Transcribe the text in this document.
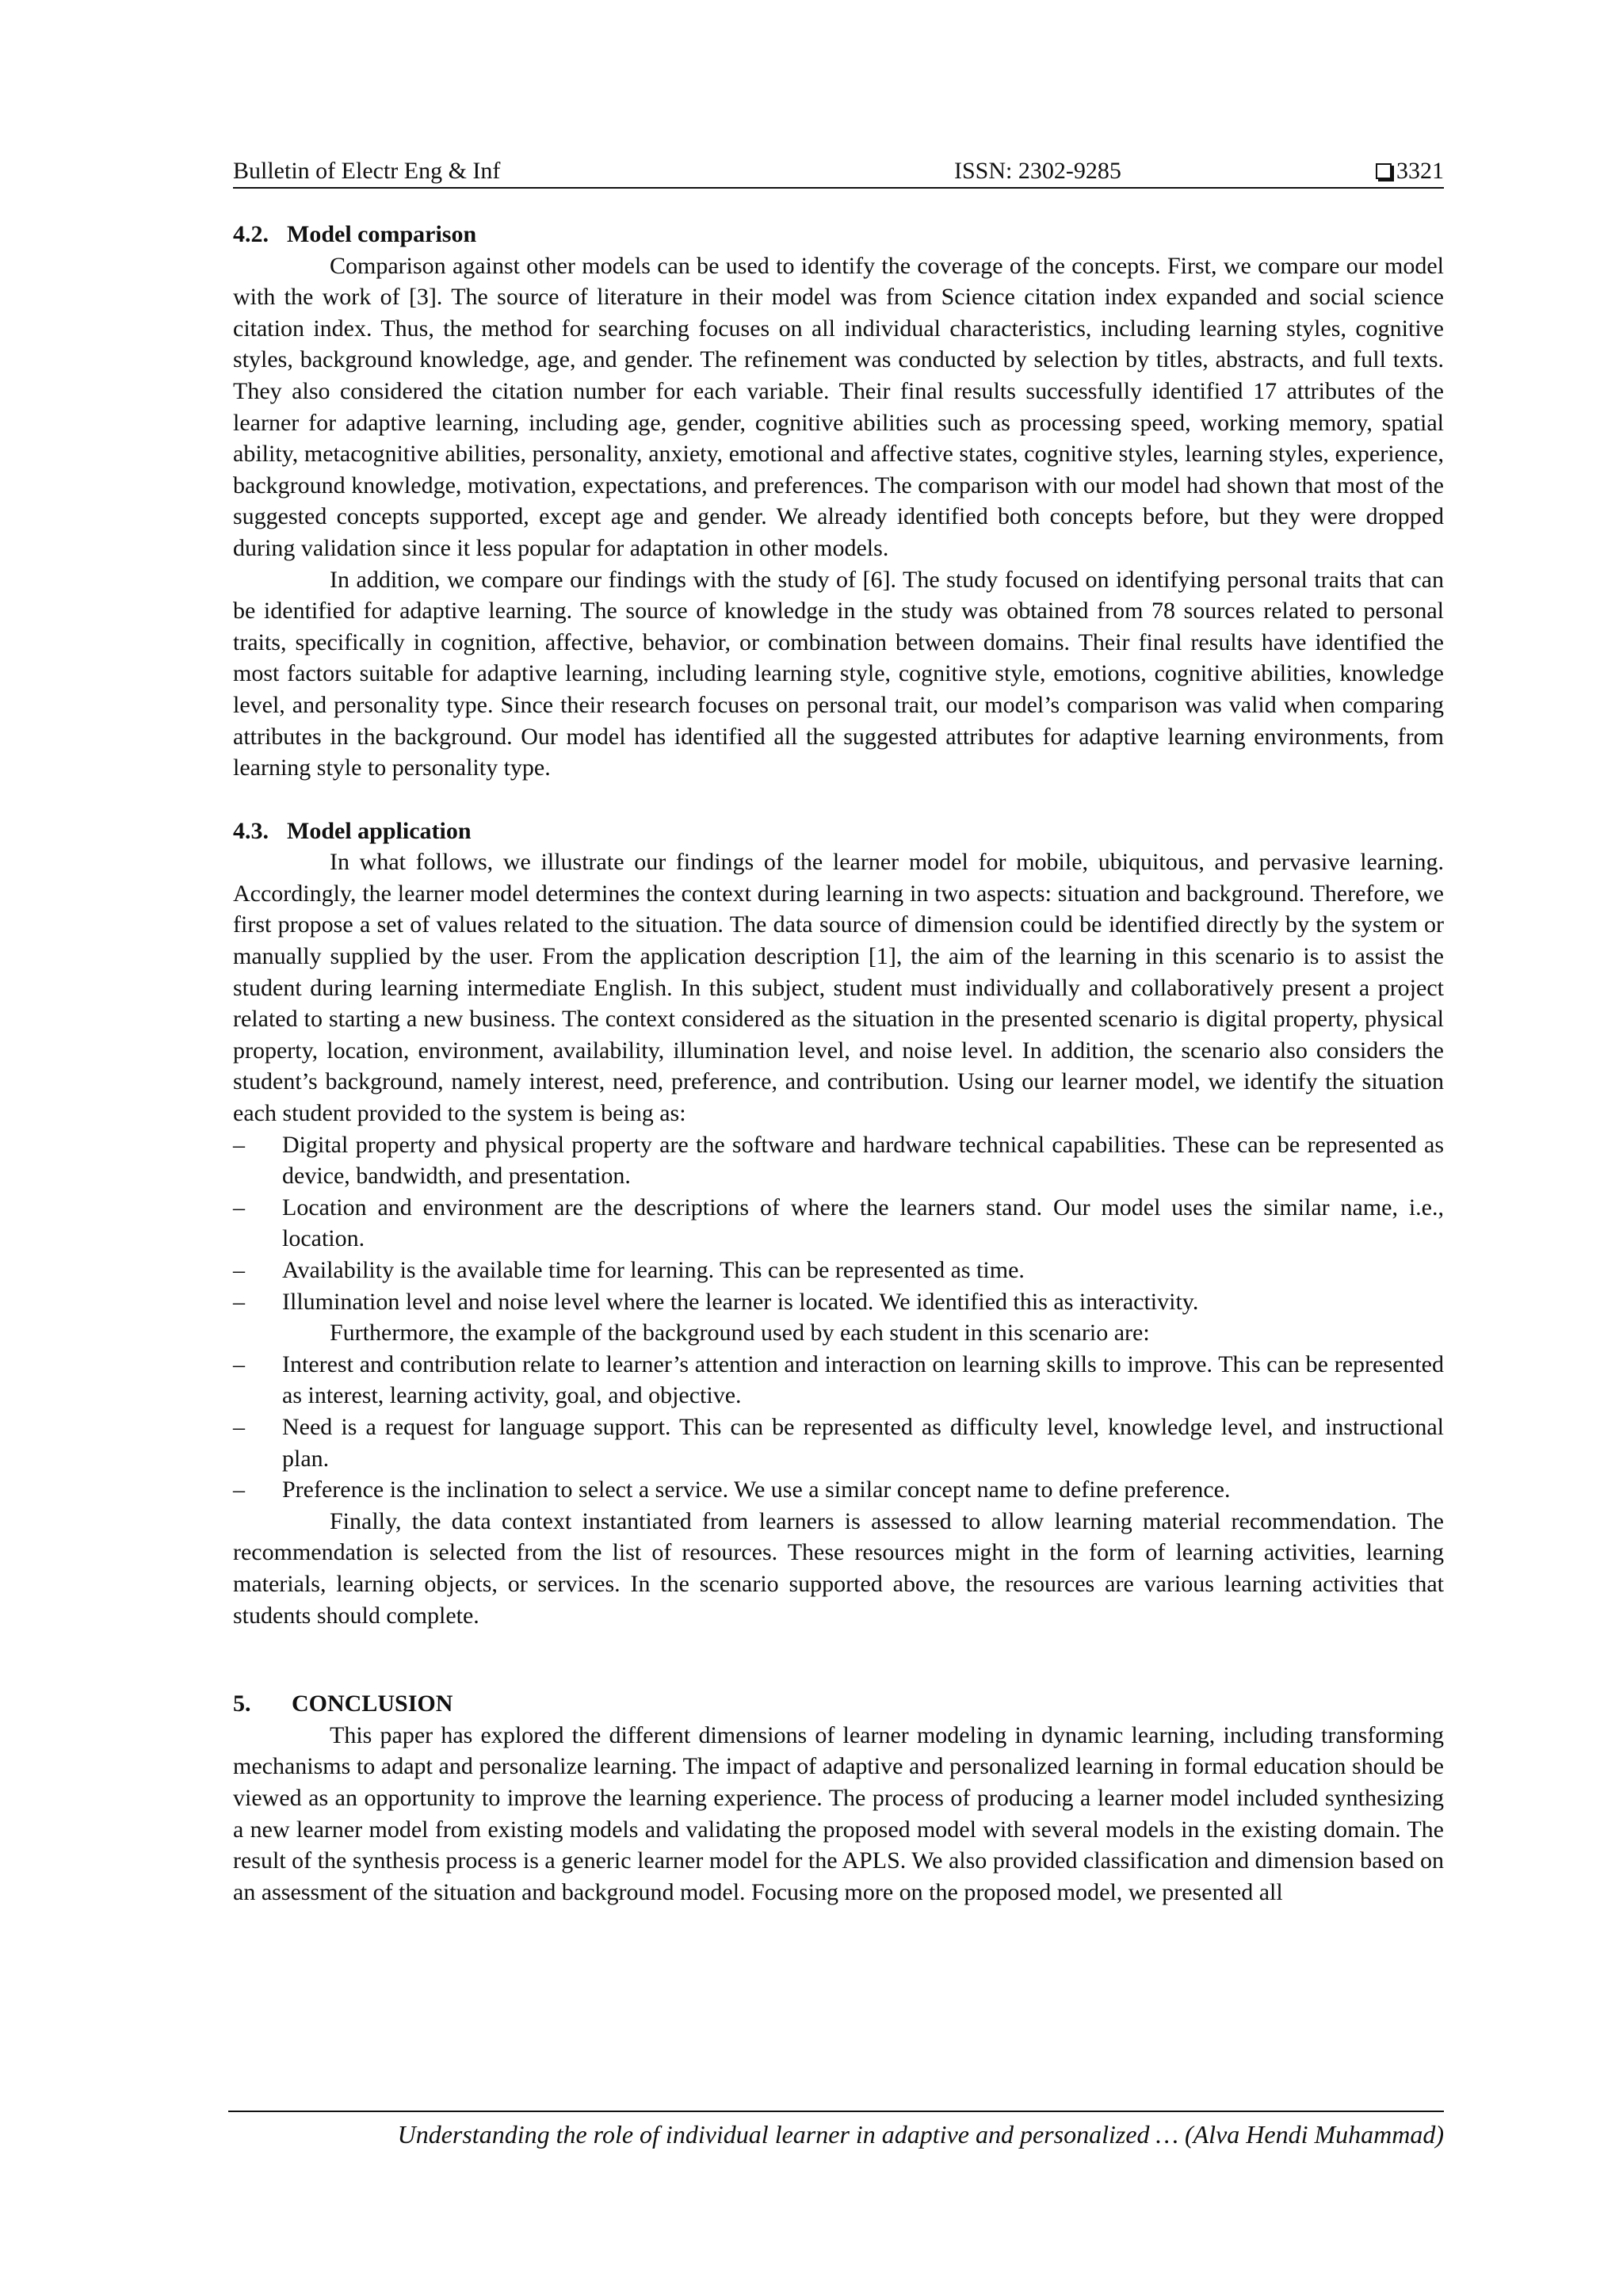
Bulletin of Electr Eng & Inf	ISSN: 2302-9285	3321

4.2. Model comparison

Comparison against other models can be used to identify the coverage of the concepts. First, we compare our model with the work of [3]. The source of literature in their model was from Science citation index expanded and social science citation index. Thus, the method for searching focuses on all individual characteristics, including learning styles, cognitive styles, background knowledge, age, and gender. The refinement was conducted by selection by titles, abstracts, and full texts. They also considered the citation number for each variable. Their final results successfully identified 17 attributes of the learner for adaptive learning, including age, gender, cognitive abilities such as processing speed, working memory, spatial ability, metacognitive abilities, personality, anxiety, emotional and affective states, cognitive styles, learning styles, experience, background knowledge, motivation, expectations, and preferences. The comparison with our model had shown that most of the suggested concepts supported, except age and gender. We already identified both concepts before, but they were dropped during validation since it less popular for adaptation in other models.

In addition, we compare our findings with the study of [6]. The study focused on identifying personal traits that can be identified for adaptive learning. The source of knowledge in the study was obtained from 78 sources related to personal traits, specifically in cognition, affective, behavior, or combination between domains. Their final results have identified the most factors suitable for adaptive learning, including learning style, cognitive style, emotions, cognitive abilities, knowledge level, and personality type. Since their research focuses on personal trait, our model’s comparison was valid when comparing attributes in the background. Our model has identified all the suggested attributes for adaptive learning environments, from learning style to personality type.

4.3. Model application

In what follows, we illustrate our findings of the learner model for mobile, ubiquitous, and pervasive learning. Accordingly, the learner model determines the context during learning in two aspects: situation and background. Therefore, we first propose a set of values related to the situation. The data source of dimension could be identified directly by the system or manually supplied by the user. From the application description [1], the aim of the learning in this scenario is to assist the student during learning intermediate English. In this subject, student must individually and collaboratively present a project related to starting a new business. The context considered as the situation in the presented scenario is digital property, physical property, location, environment, availability, illumination level, and noise level. In addition, the scenario also considers the student’s background, namely interest, need, preference, and contribution. Using our learner model, we identify the situation each student provided to the system is being as:

–	Digital property and physical property are the software and hardware technical capabilities. These can be represented as device, bandwidth, and presentation.
–	Location and environment are the descriptions of where the learners stand. Our model uses the similar name, i.e., location.
–	Availability is the available time for learning. This can be represented as time.
–	Illumination level and noise level where the learner is located. We identified this as interactivity.

Furthermore, the example of the background used by each student in this scenario are:

–	Interest and contribution relate to learner’s attention and interaction on learning skills to improve. This can be represented as interest, learning activity, goal, and objective.
–	Need is a request for language support. This can be represented as difficulty level, knowledge level, and instructional plan.
–	Preference is the inclination to select a service. We use a similar concept name to define preference.

Finally, the data context instantiated from learners is assessed to allow learning material recommendation. The recommendation is selected from the list of resources. These resources might in the form of learning activities, learning materials, learning objects, or services. In the scenario supported above, the resources are various learning activities that students should complete.

5. CONCLUSION

This paper has explored the different dimensions of learner modeling in dynamic learning, including transforming mechanisms to adapt and personalize learning. The impact of adaptive and personalized learning in formal education should be viewed as an opportunity to improve the learning experience. The process of producing a learner model included synthesizing a new learner model from existing models and validating the proposed model with several models in the existing domain. The result of the synthesis process is a generic learner model for the APLS. We also provided classification and dimension based on an assessment of the situation and background model. Focusing more on the proposed model, we presented all

Understanding the role of individual learner in adaptive and personalized … (Alva Hendi Muhammad)
